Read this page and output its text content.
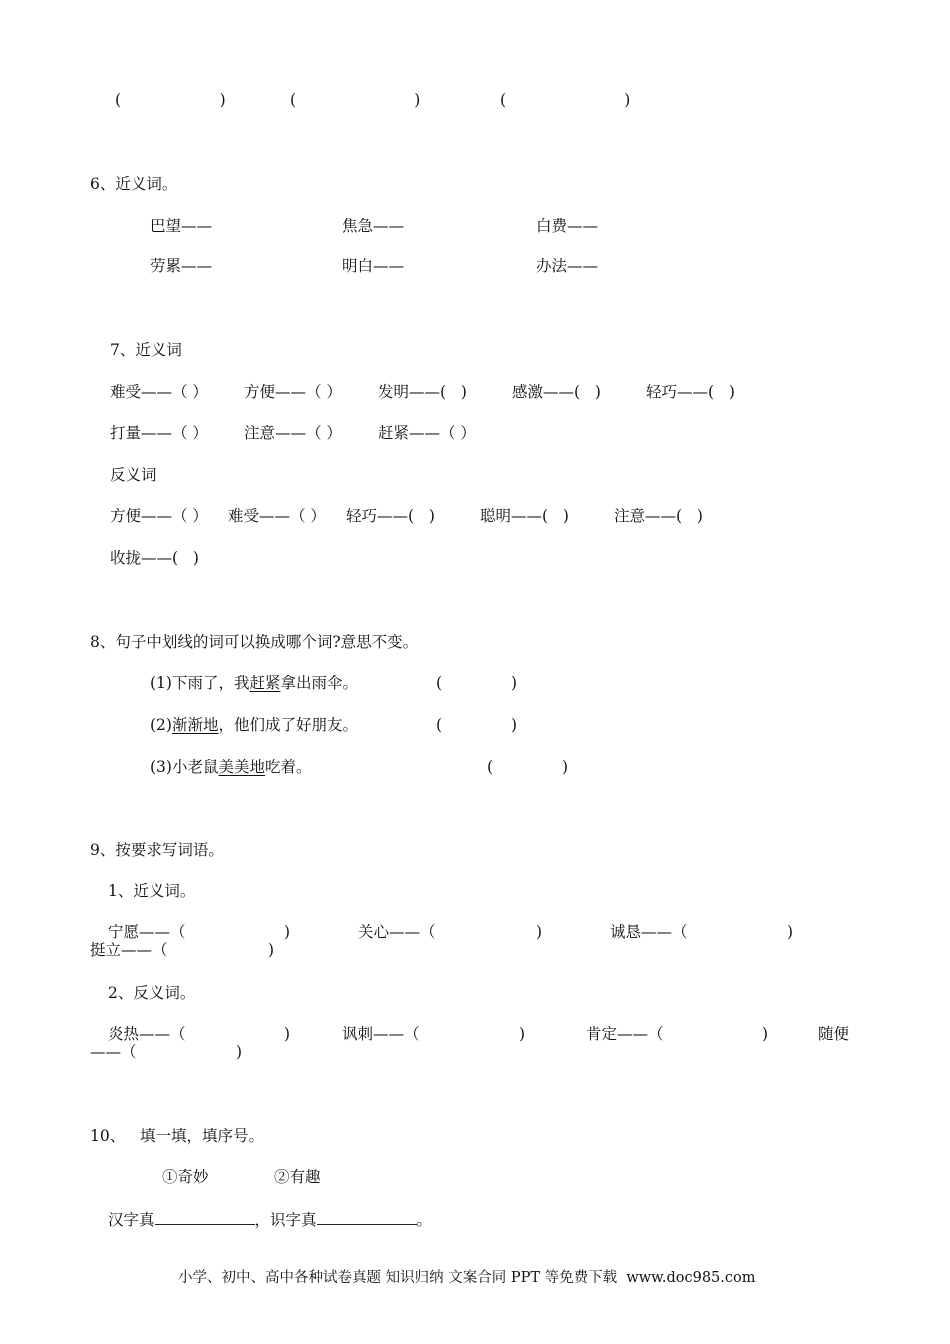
(                    )	(                        )	(                        )
6、近义词。
巴望——	焦急——	白费——
劳累——	明白——	办法——
7、近义词
难受——（ ） 方便——（ ） 发明——(   )	感激——(   )	轻巧——(   )
打量——（ ） 注意——（ ） 赶紧——（ ）
反义词
方便——（ ） 难受——（ ） 轻巧——(   )	聪明——(   )	注意——(   )
收拢——(   )
8、句子中划线的词可以换成哪个词?意思不变。
(1)下雨了，我赶紧拿出雨伞。	(              )
(2)渐渐地，他们成了好朋友。	(              )
(3)小老鼠美美地吃着。	(              )
9、按要求写词语。
1、近义词。
宁愿——（	)	关心——（	)	诚恳——（	)
挺立——（	)
2、反义词。
炎热——（	)	讽刺——（	)	肯定——（	)	随便
——（	)
10、   填一填，填序号。
①奇妙	②有趣
汉字真	，识字真	。
小学、初中、高中各种试卷真题 知识归纳 文案合同 PPT 等免费下载 www.doc985.com
